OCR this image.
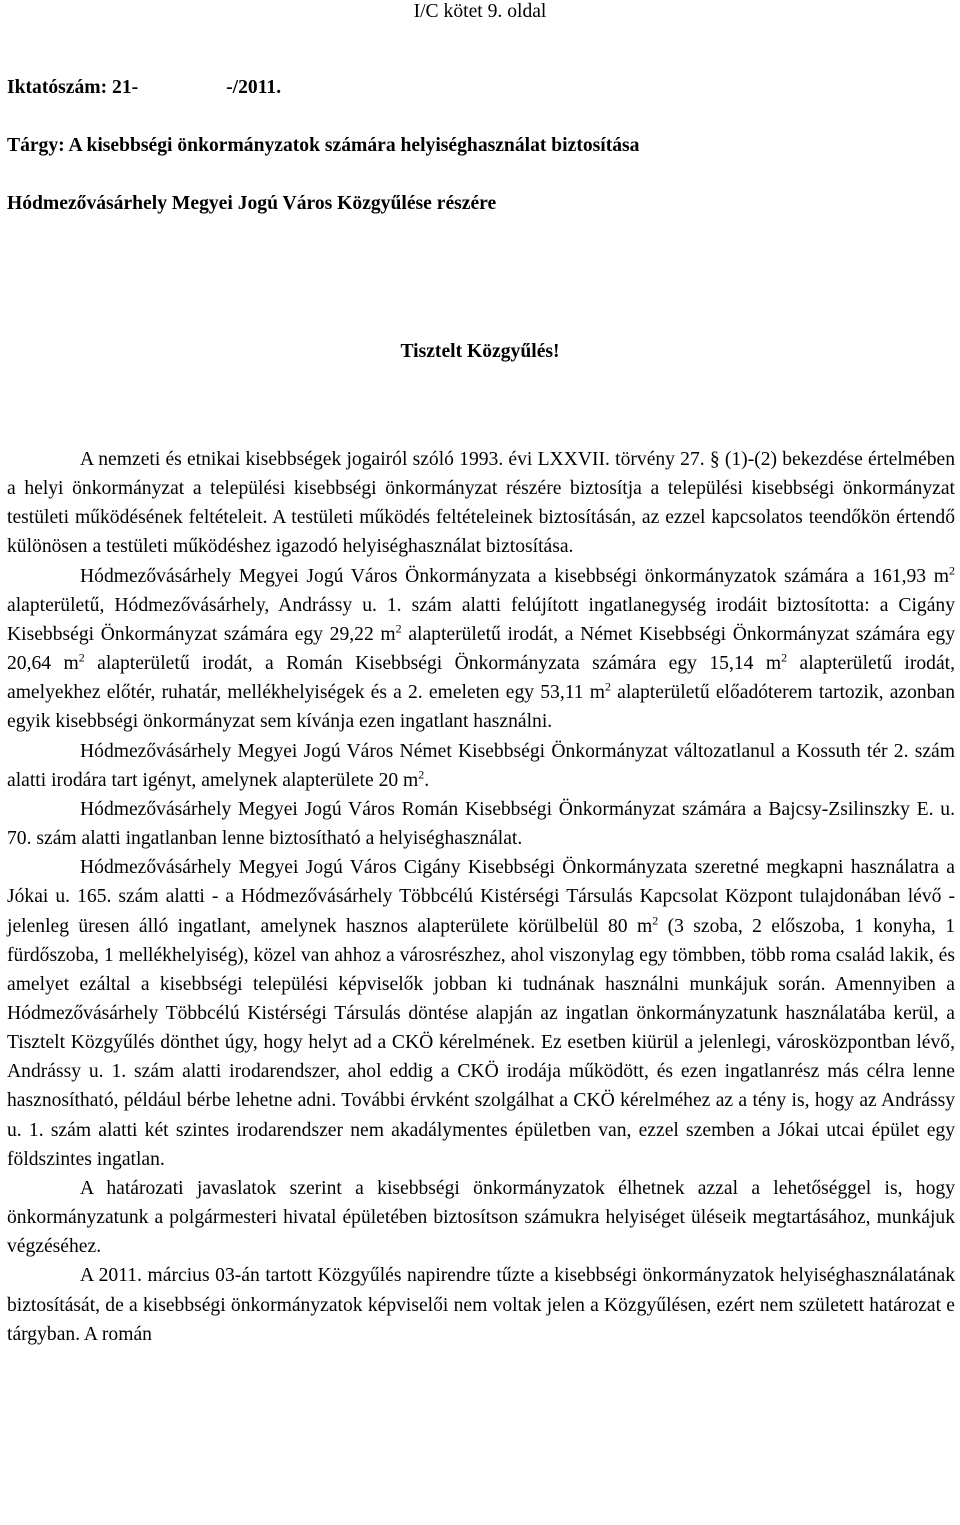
I/C kötet 9. oldal
Iktatószám: 21-	-/2011.
Tárgy: A kisebbségi önkormányzatok számára helyiséghasználat biztosítása
Hódmezővásárhely Megyei Jogú Város Közgyűlése részére
Tisztelt Közgyűlés!

A nemzeti és etnikai kisebbségek jogairól szóló 1993. évi LXXVII. törvény 27. § (1)-(2) bekezdése értelmében a helyi önkormányzat a települési kisebbségi önkormányzat részére biztosítja a települési kisebbségi önkormányzat testületi működésének feltételeit. A testületi működés feltételeinek biztosításán, az ezzel kapcsolatos teendőkön értendő különösen a testületi működéshez igazodó helyiséghasználat biztosítása.

Hódmezővásárhely Megyei Jogú Város Önkormányzata a kisebbségi önkormányzatok számára a 161,93 $m^2$ alapterületű, Hódmezővásárhely, Andrássy u. 1. szám alatti felújított ingatlanegység irodáit biztosította: a Cigány Kisebbségi Önkormányzat számára egy 29,22 $m^2$ alapterületű irodát, a Német Kisebbségi Önkormányzat számára egy 20,64 $m^2$ alapterületű irodát, a Román Kisebbségi Önkormányzata számára egy 15,14 $m^2$ alapterületű irodát, amelyekhez előtér, ruhatár, mellékhelyiségek és a 2. emeleten egy 53,11 $m^2$ alapterületű előadóterem tartozik, azonban egyik kisebbségi önkormányzat sem kívánja ezen ingatlant használni.

Hódmezővásárhely Megyei Jogú Város Német Kisebbségi Önkormányzat változatlanul a Kossuth tér 2. szám alatti irodára tart igényt, amelynek alapterülete 20 $m^2$.

Hódmezővásárhely Megyei Jogú Város Román Kisebbségi Önkormányzat számára a Bajcsy-Zsilinszky E. u. 70. szám alatti ingatlanban lenne biztosítható a helyiséghasználat.

Hódmezővásárhely Megyei Jogú Város Cigány Kisebbségi Önkormányzata szeretné megkapni használatra a Jókai u. 165. szám alatti - a Hódmezővásárhely Többcélú Kistérségi Társulás Kapcsolat Központ tulajdonában lévő - jelenleg üresen álló ingatlant, amelynek hasznos alapterülete körülbelül 80 $m^2$ (3 szoba, 2 előszoba, 1 konyha, 1 fürdőszoba, 1 mellékhelyiség), közel van ahhoz a városrészhez, ahol viszonylag egy tömbben, több roma család lakik, és amelyet ezáltal a kisebbségi települési képviselők jobban ki tudnának használni munkájuk során. Amennyiben a Hódmezővásárhely Többcélú Kistérségi Társulás döntése alapján az ingatlan önkormányzatunk használatába kerül, a Tisztelt Közgyűlés dönthet úgy, hogy helyt ad a CKÖ kérelmének. Ez esetben kiürül a jelenlegi, városközpontban lévő, Andrássy u. 1. szám alatti irodarendszer, ahol eddig a CKÖ irodája működött, és ezen ingatlanrész más célra lenne hasznosítható, például bérbe lehetne adni. További érvként szolgálhat a CKÖ kérelméhez az a tény is, hogy az Andrássy u. 1. szám alatti két szintes irodarendszer nem akadálymentes épületben van, ezzel szemben a Jókai utcai épület egy földszintes ingatlan.

A határozati javaslatok szerint a kisebbségi önkormányzatok élhetnek azzal a lehetőséggel is, hogy önkormányzatunk a polgármesteri hivatal épületében biztosítson számukra helyiséget üléseik megtartásához, munkájuk végzéséhez.

A 2011. március 03-án tartott Közgyűlés napirendre tűzte a kisebbségi önkormányzatok helyiséghasználatának biztosítását, de a kisebbségi önkormányzatok képviselői nem voltak jelen a Közgyűlésen, ezért nem született határozat e tárgyban. A román
